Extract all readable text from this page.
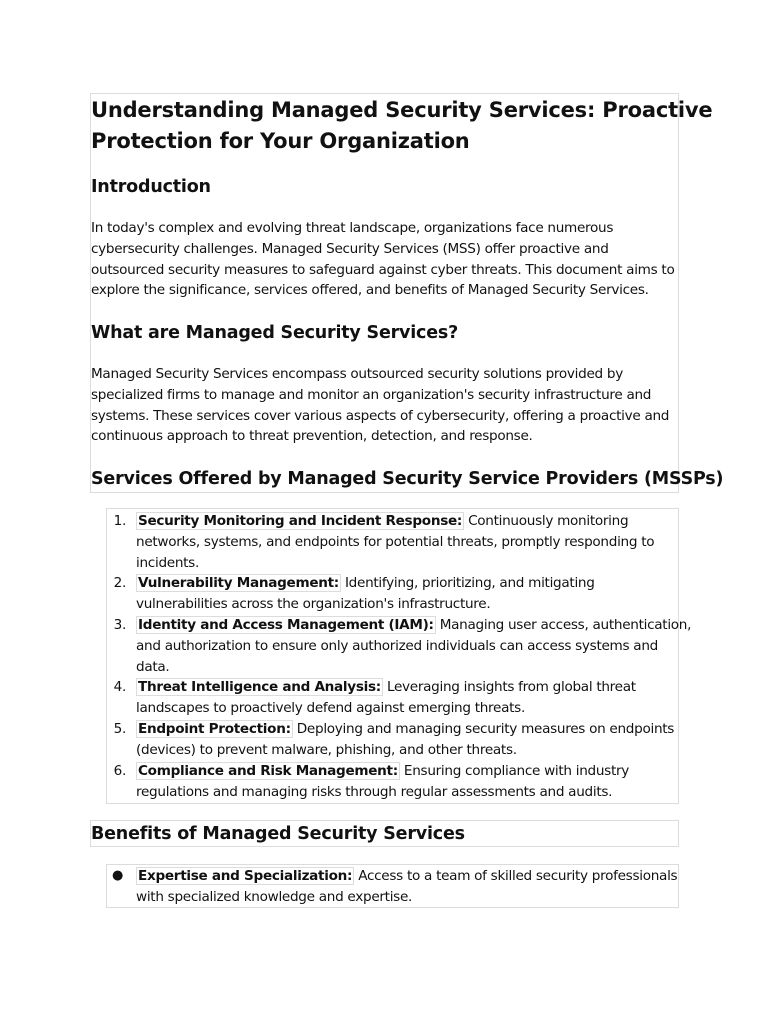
Understanding Managed Security Services: Proactive
Protection for Your Organization
Introduction

In today's complex and evolving threat landscape, organizations face numerous
cybersecurity challenges. Managed Security Services (MSS) offer proactive and
outsourced security measures to safeguard against cyber threats. This document aims to
explore the significance, services offered, and benefits of Managed Security Services.

What are Managed Security Services?

Managed Security Services encompass outsourced security solutions provided by
specialized firms to manage and monitor an organization's security infrastructure and
systems. These services cover various aspects of cybersecurity, offering a proactive and
continuous approach to threat prevention, detection, and response.

Services Offered by Managed Security Service Providers (MSSPs)
1. Security Monitoring and Incident Response: Continuously monitoring
networks, systems, and endpoints for potential threats, promptly responding to
incidents.
2. Vulnerability Management: Identifying, prioritizing, and mitigating
vulnerabilities across the organization's infrastructure.
3. Identity and Access Management (IAM): Managing user access, authentication,
and authorization to ensure only authorized individuals can access systems and
data.
4. Threat Intelligence and Analysis: Leveraging insights from global threat
landscapes to proactively defend against emerging threats.
5. Endpoint Protection: Deploying and managing security measures on endpoints
(devices) to prevent malware, phishing, and other threats.
6. Compliance and Risk Management: Ensuring compliance with industry
regulations and managing risks through regular assessments and audits.
Benefits of Managed Security Services
● Expertise and Specialization: Access to a team of skilled security professionals
with specialized knowledge and expertise.
